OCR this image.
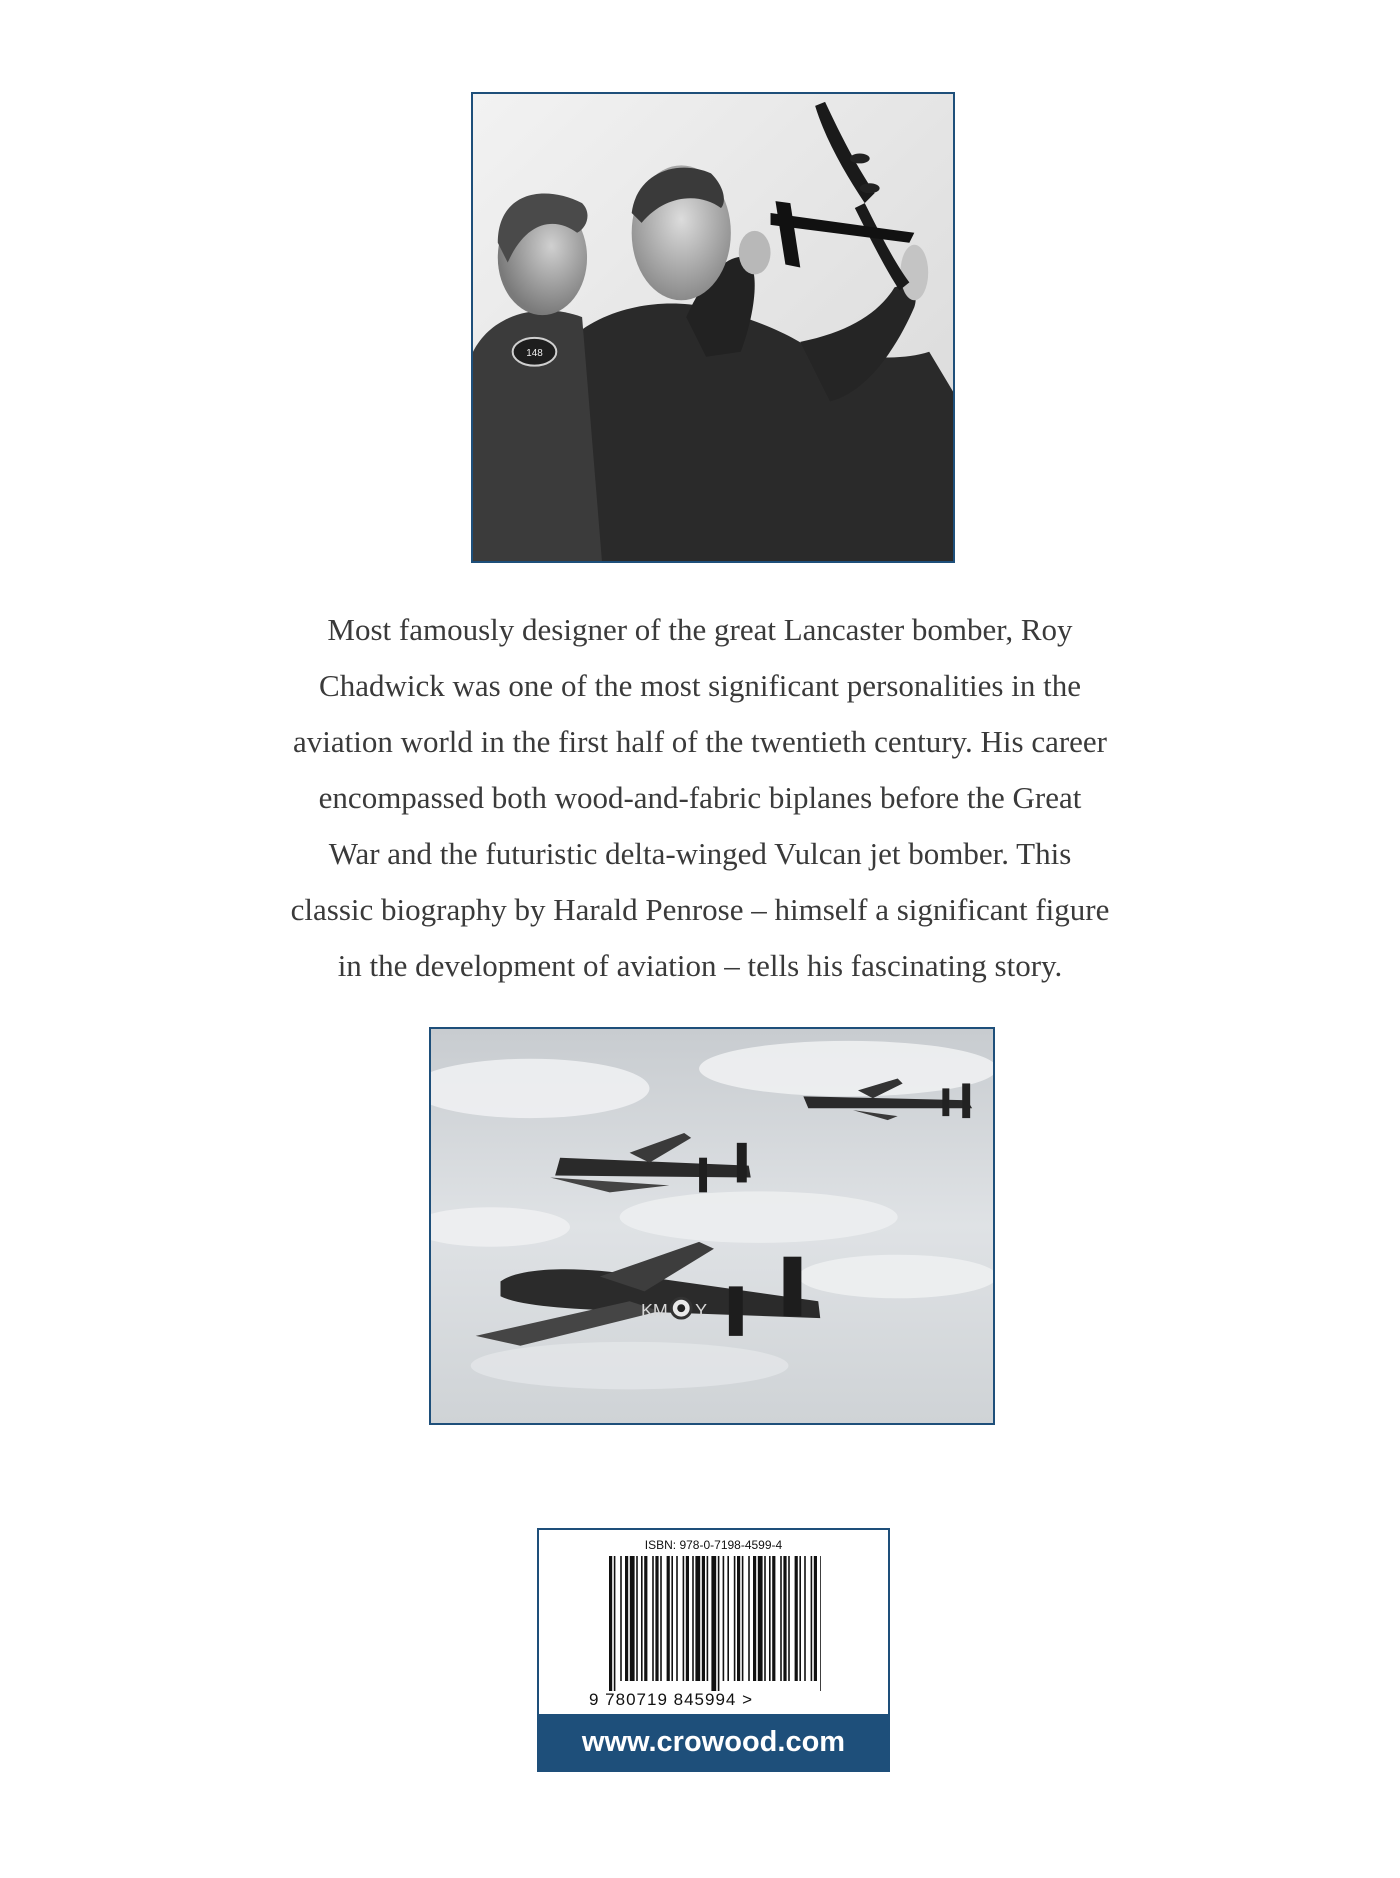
148
Most famously designer of the great Lancaster bomber, Roy
Chadwick was one of the most significant personalities in the
aviation world in the first half of the twentieth century. His career
encompassed both wood-and-fabric biplanes before the Great
War and the futuristic delta-winged Vulcan jet bomber. This
classic biography by Harald Penrose – himself a significant figure
in the development of aviation – tells his fascinating story.
KM Y
ISBN: 978-0-7198-4599-4
9 780719 845994 >
www.crowood.com
